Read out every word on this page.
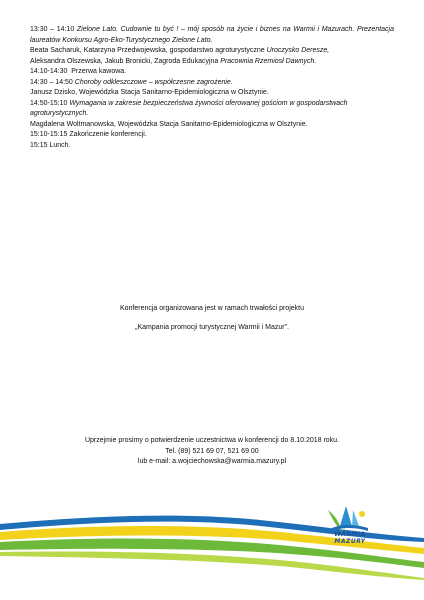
13:30 – 14:10 Zielone Lato. Cudownie tu być ! – mój sposób na życie i biznes na Warmii i Mazurach. Prezentacja laureatów Konkursu Agro-Eko-Turystycznego Zielone Lato.

Beata Sacharuk, Katarzyna Przedwojewska, gospodarstwo agroturystyczne Uroczysko Deresze,

Aleksandra Olszewska, Jakub Bronicki, Zagroda Edukacyjna Pracownia Rzemiosł Dawnych.

14:10-14:30 Przerwa kawowa.

14:30 – 14:50 Choroby odkleszczowe – współczesne zagrożenie.

Janusz Dzisko, Wojewódzka Stacja Sanitarno-Epidemiologiczna w Olsztynie.

14:50-15:10 Wymagania w zakresie bezpieczeństwa żywności oferowanej gościom w gospodarstwach agroturystycznych.

Magdalena Woltmanowska, Wojewódzka Stacja Sanitarno-Epidemiologiczna w Olsztynie.

15:10-15:15 Zakończenie konferencji.

15:15 Lunch.

Konferencja organizowana jest w ramach trwałości projektu

„Kampania promocji turystycznej Warmii i Mazur”.

Uprzejmie prosimy o potwierdzenie uczestnictwa w konferencji do 8.10.2018 roku.

Tel. (89) 521 69 07, 521 69 00

lub e-mail: a.wojciechowska@warmia.mazury.pl

WARMIA
MAZURY
